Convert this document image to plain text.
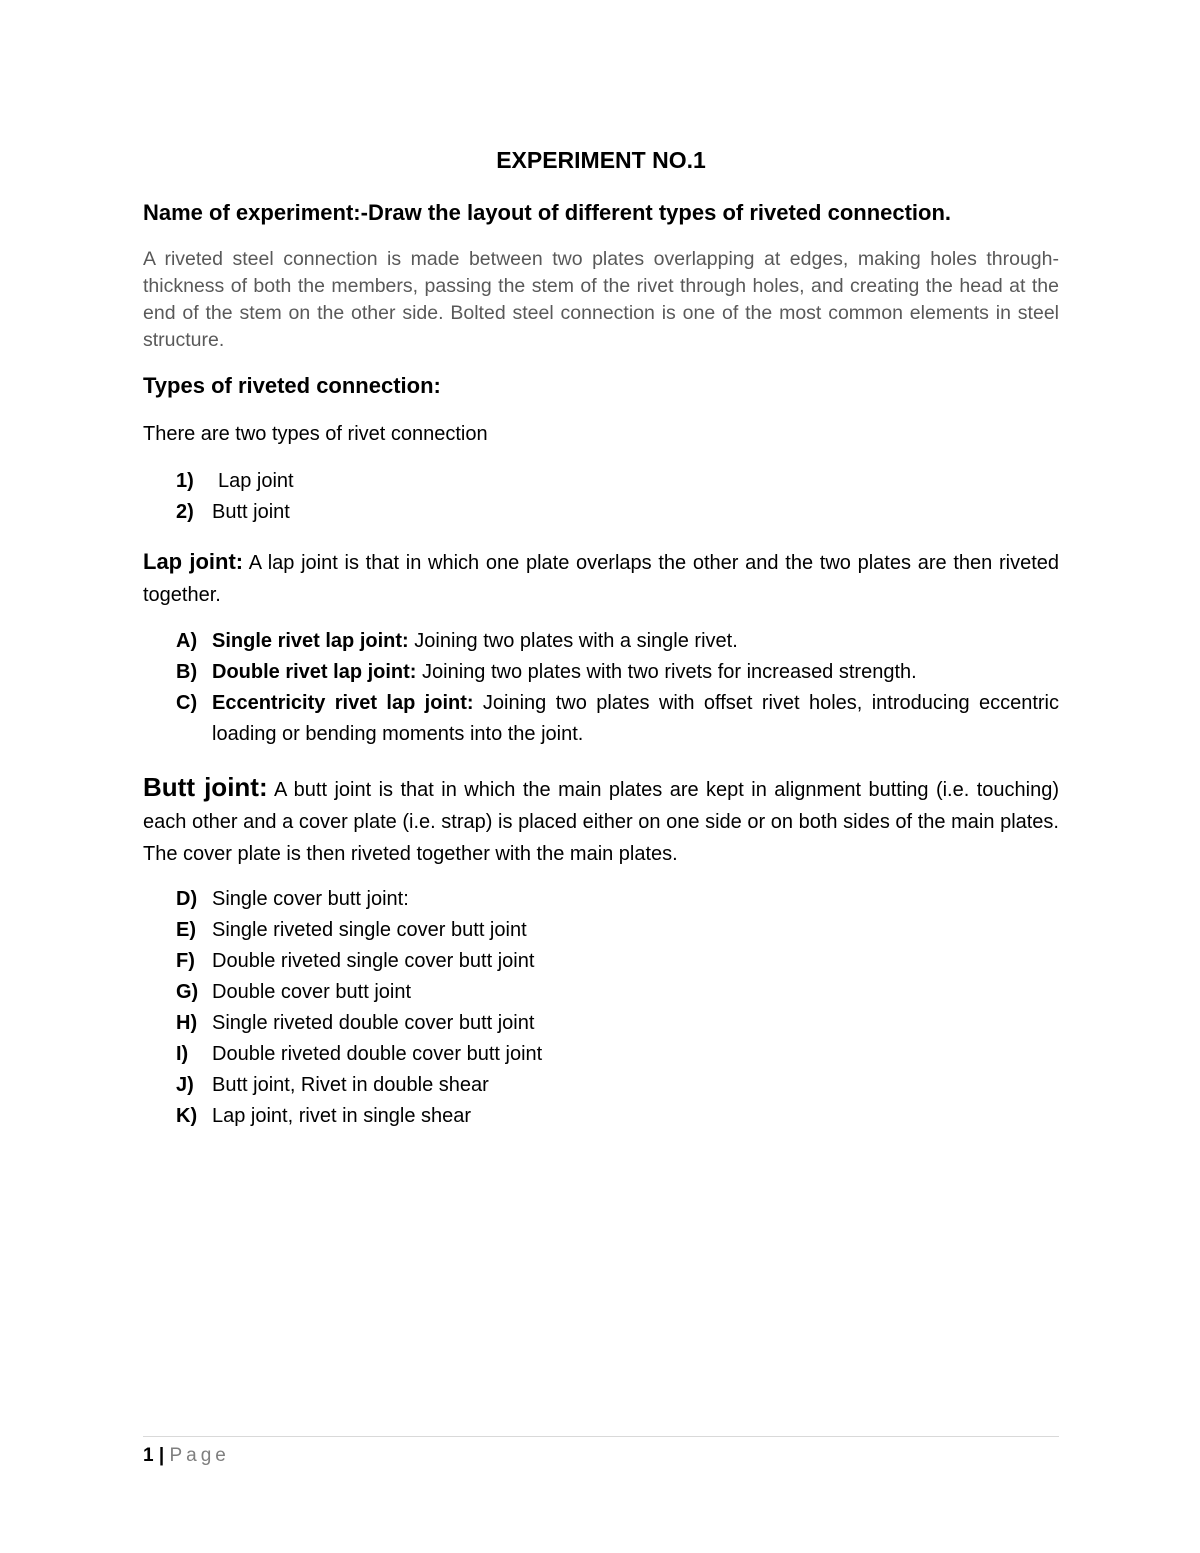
EXPERIMENT NO.1
Name of experiment:-Draw the layout of different types of riveted connection.
A riveted steel connection is made between two plates overlapping at edges, making holes through-thickness of both the members, passing the stem of the rivet through holes, and creating the head at the end of the stem on the other side. Bolted steel connection is one of the most common elements in steel structure.
Types of riveted connection:
There are two types of rivet connection
1) Lap joint
2) Butt joint
Lap joint: A lap joint is that in which one plate overlaps the other and the two plates are then riveted together.
A) Single rivet lap joint: Joining two plates with a single rivet.
B) Double rivet lap joint: Joining two plates with two rivets for increased strength.
C) Eccentricity rivet lap joint: Joining two plates with offset rivet holes, introducing eccentric loading or bending moments into the joint.
Butt joint: A butt joint is that in which the main plates are kept in alignment butting (i.e. touching) each other and a cover plate (i.e. strap) is placed either on one side or on both sides of the main plates. The cover plate is then riveted together with the main plates.
D) Single cover butt joint:
E) Single riveted single cover butt joint
F) Double riveted single cover butt joint
G) Double cover butt joint
H) Single riveted double cover butt joint
I) Double riveted double cover butt joint
J) Butt joint, Rivet in double shear
K) Lap joint, rivet in single shear
1 | Page
